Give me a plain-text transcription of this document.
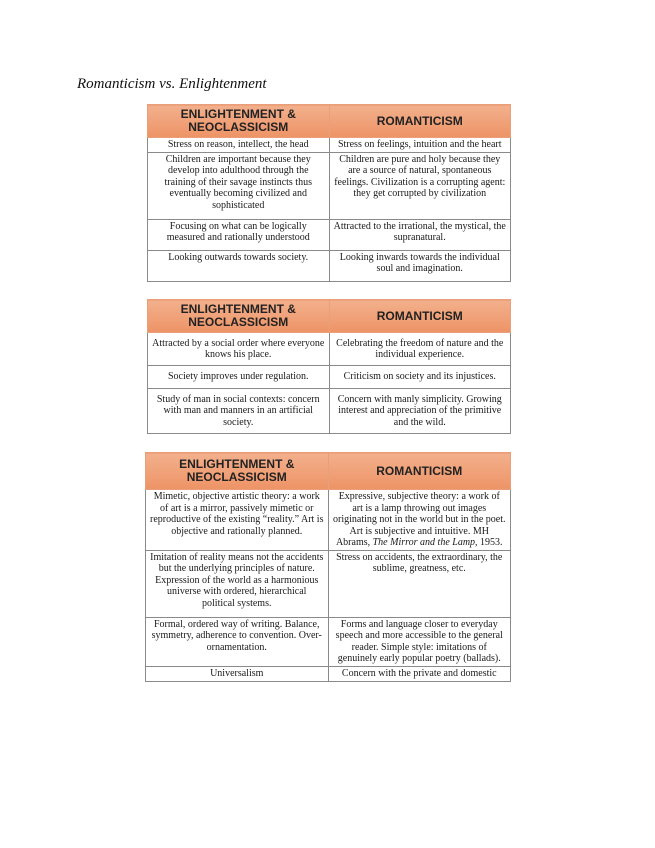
Romanticism vs. Enlightenment
ENLIGHTENMENT & NEOCLASSICISM	ROMANTICISM
Stress on reason, intellect, the head	Stress on feelings, intuition and the heart
Children are important because they develop into adulthood through the training of their savage instincts thus eventually becoming civilized and sophisticated	Children are pure and holy because they are a source of natural, spontaneous feelings. Civilization is a corrupting agent: they get corrupted by civilization
Focusing on what can be logically measured and rationally understood	Attracted to the irrational, the mystical, the supranatural.
Looking outwards towards society.	Looking inwards towards the individual soul and imagination.
ENLIGHTENMENT & NEOCLASSICISM	ROMANTICISM
Attracted by a social order where everyone knows his place.	Celebrating the freedom of nature and the individual experience.
Society improves under regulation.	Criticism on society and its injustices.
Study of man in social contexts: concern with man and manners in an artificial society.	Concern with manly simplicity. Growing interest and appreciation of the primitive and the wild.
ENLIGHTENMENT & NEOCLASSICISM	ROMANTICISM
Mimetic, objective artistic theory: a work of art is a mirror, passively mimetic or reproductive of the existing “reality.” Art is objective and rationally planned.	Expressive, subjective theory: a work of art is a lamp throwing out images originating not in the world but in the poet. Art is subjective and intuitive. MH Abrams, The Mirror and the Lamp, 1953.
Imitation of reality means not the accidents but the underlying principles of nature. Expression of the world as a harmonious universe with ordered, hierarchical political systems.	Stress on accidents, the extraordinary, the sublime, greatness, etc.
Formal, ordered way of writing. Balance, symmetry, adherence to convention. Over-ornamentation.	Forms and language closer to everyday speech and more accessible to the general reader. Simple style: imitations of genuinely early popular poetry (ballads).
Universalism	Concern with the private and domestic
